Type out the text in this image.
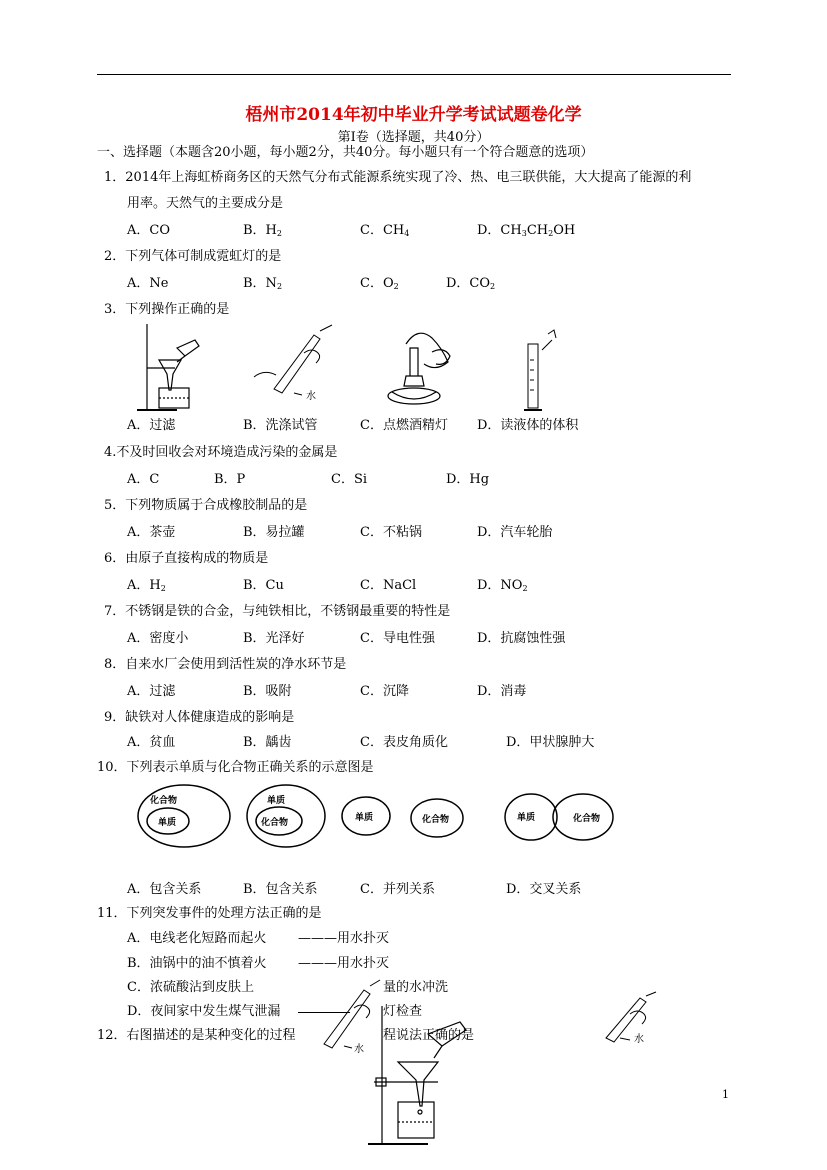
梧州市2014年初中毕业升学考试试题卷化学
第Ⅰ卷（选择题，共40分）
一、选择题（本题含20小题，每小题2分，共40分。每小题只有一个符合题意的选项）
1．2014年上海虹桥商务区的天然气分布式能源系统实现了冷、热、电三联供能，大大提高了能源的利
用率。天然气的主要成分是
A．CO	B．$H_2$	C．$CH_4$	D．$CH_3CH_2OH$
2．下列气体可制成霓虹灯的是
A．Ne	B．$N_2$	C．$O_2$	D．$CO_2$
3．下列操作正确的是
水
A．过滤	B．洗涤试管	C．点燃酒精灯 D．读液体的体积
4.不及时回收会对环境造成污染的金属是
A．C	B．P	C．Si	D．Hg
5．下列物质属于合成橡胶制品的是
A．茶壶	B．易拉罐	C．不粘锅	D．汽车轮胎
6．由原子直接构成的物质是
A．$H_2$	B．Cu	C．NaCl	D．$NO_2$
7．不锈钢是铁的合金，与纯铁相比，不锈钢最重要的特性是
A．密度小	B．光泽好	C．导电性强	D．抗腐蚀性强
8．自来水厂会使用到活性炭的净水环节是
A．过滤	B．吸附	C．沉降	D．消毒
9．缺铁对人体健康造成的影响是
A．贫血	B．龋齿	C．表皮角质化	D．甲状腺肿大
10．下列表示单质与化合物正确关系的示意图是
化合物
单质
单质
化合物	单质	化合物	单质	化合物
A．包含关系	B．包含关系	C．并列关系	D．交叉关系
11．下列突发事件的处理方法正确的是
A．电线老化短路而起火 ———用水扑灭
B．油锅中的油不慎着火 ———用水扑灭
C．浓硫酸沾到皮肤上	量的水冲洗
D．夜间家中发生煤气泄漏	灯检查
12．右图描述的是某种变化的过程	程说法正确的是
水
水
1
